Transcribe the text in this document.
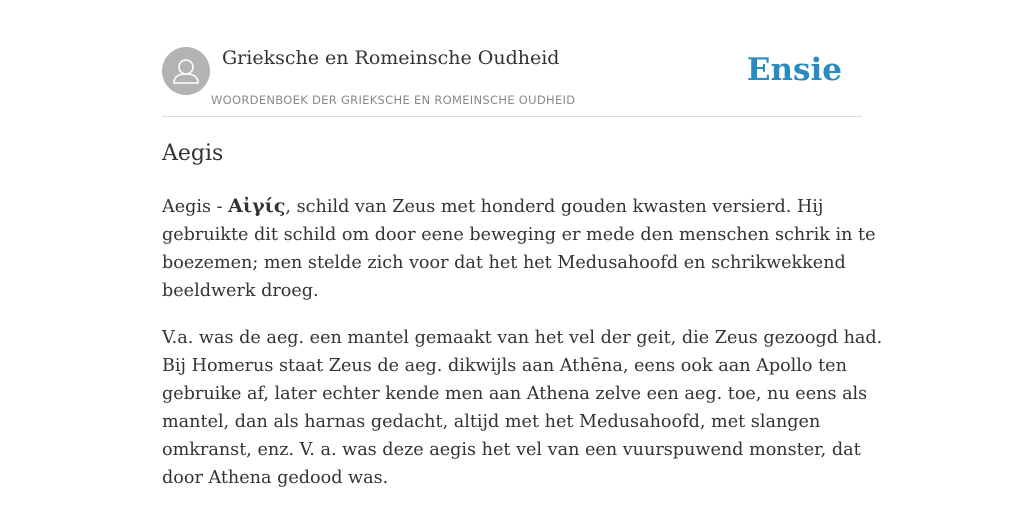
Grieksche en Romeinsche Oudheid
WOORDENBOEK DER GRIEKSCHE EN ROMEINSCHE OUDHEID
Ensie
Aegis

Aegis - Αἰγίς, schild van Zeus met honderd gouden kwasten versierd. Hij
gebruikte dit schild om door eene beweging er mede den menschen schrik in te
boezemen; men stelde zich voor dat het het Medusahoofd en schrikwekkend
beeldwerk droeg.

V.a. was de aeg. een mantel gemaakt van het vel der geit, die Zeus gezoogd had.
Bij Homerus staat Zeus de aeg. dikwijls aan Athēna, eens ook aan Apollo ten
gebruike af, later echter kende men aan Athena zelve een aeg. toe, nu eens als
mantel, dan als harnas gedacht, altijd met het Medusahoofd, met slangen
omkranst, enz. V. a. was deze aegis het vel van een vuurspuwend monster, dat
door Athena gedood was.
